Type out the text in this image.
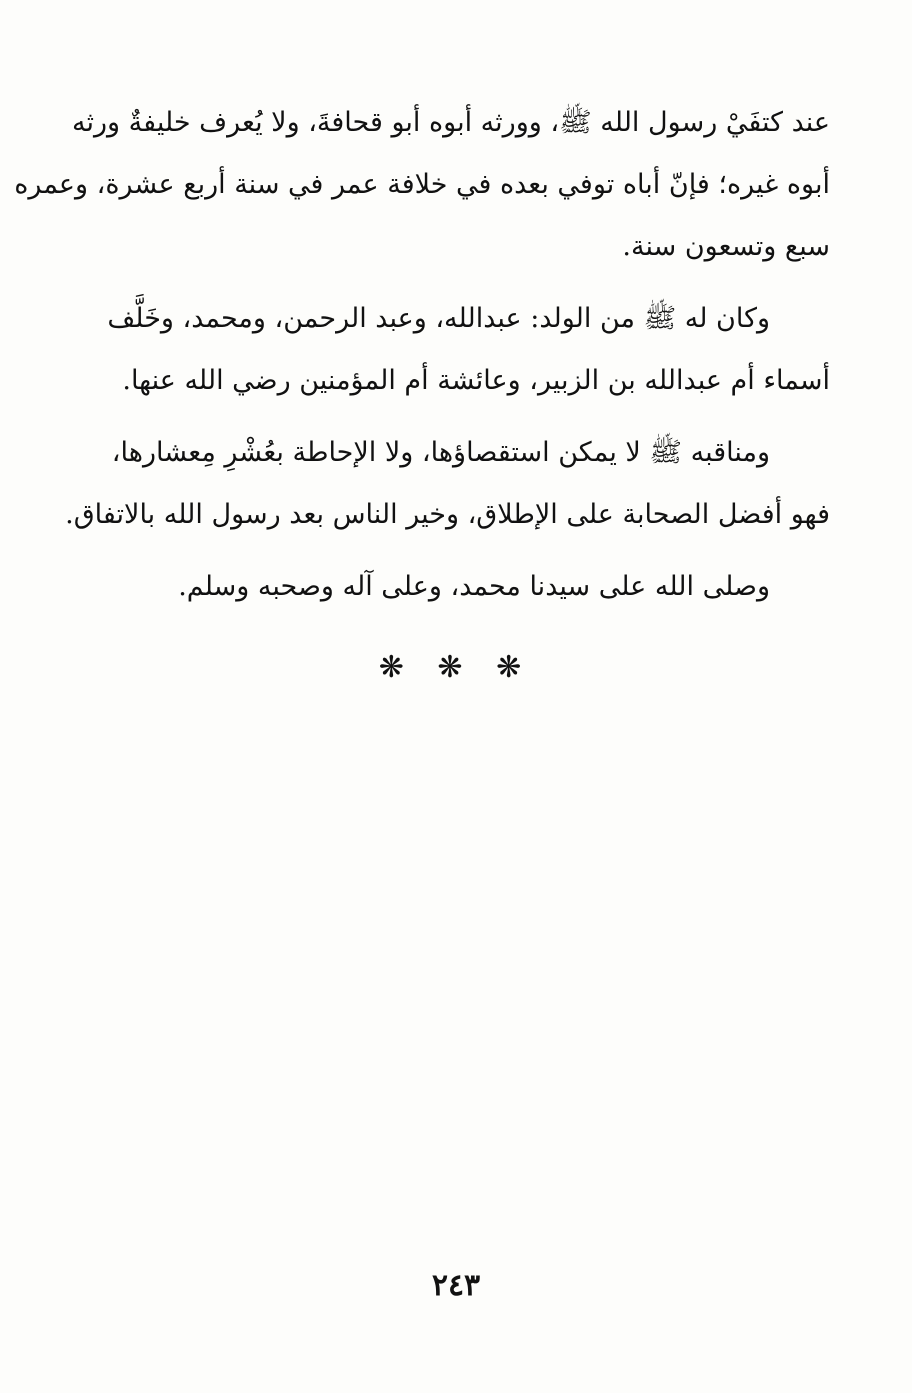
عند كتفَيْ رسول الله ﷺ، وورثه أبوه أبو قحافةَ، ولا يُعرف خليفةٌ ورثه
أبوه غيره؛ فإنّ أباه توفي بعده في خلافة عمر في سنة أربع عشرة، وعمره
سبع وتسعون سنة.

وكان له ﷺ من الولد: عبدالله، وعبد الرحمن، ومحمد، وخَلَّف
أسماء أم عبدالله بن الزبير، وعائشة أم المؤمنين رضي الله عنها.

ومناقبه ﷺ لا يمكن استقصاؤها، ولا الإحاطة بعُشْرِ مِعشارها،
فهو أفضل الصحابة على الإطلاق، وخير الناس بعد رسول الله بالاتفاق.

وصلى الله على سيدنا محمد، وعلى آله وصحبه وسلم.

❋ ❋ ❋
٢٤٣
